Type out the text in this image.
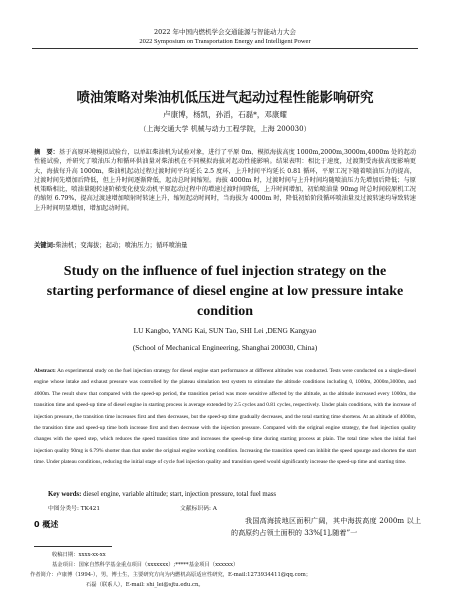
2022 年中国内燃机学会交通能源与智能动力大会
2022 Symposium on Transportation Energy and Intelligent Power
喷油策略对柴油机低压进气起动过程性能影响研究
卢康博，杨凯，孙滔，石磊*，邓康耀
（上海交通大学 机械与动力工程学院，上海 200030）
摘　要：基于高原环境模拟试验台，以单缸柴油机为试验对象，进行了平原 0m、模拟海拔高度 1000m,2000m,3000m,4000m 处的起动性能试验，并研究了喷油压力和循环供油量对柴油机在不同模拟海拔对起动性能影响。结果表明：相比于速度，过渡期受海拔高度影响更大，海拔每升高 1000m，柴油机起动过程过渡时间平均延长 2.5 度环，上升时间平均延长 0.81 循环，平原工况下随着喷油压力的提高，过渡时间先增加后降低，但上升时间逐渐降低，起动总时间缩短。海拔 4000m 时，过渡时间与上升时间均随喷油压力先增加后降低；与原机策略相比，喷油量随转速阶梯变化使发动机平原起动过程中的增速过渡时间降低，上升时间增加，初始喷油量 90mg 时总时间较原机工况的缩短 6.79%，提高过渡速增加喷射时转速上升，缩短起动时间时，当海拔为 4000m 时，降低初始阶段循环喷油量及过渡转速均导致转速上升时间明显增加，增加起动时间。
关键词:柴油机；变海拔；起动；喷油压力；循环喷油量
Study on the influence of fuel injection strategy on the starting performance of diesel engine at low pressure intake condition
LU Kangbo, YANG Kai, SUN Tao, SHI Lei ,DENG Kangyao
(School of Mechanical Engineering, Shanghai 200030, China)
Abstract: An experimental study on the fuel injection strategy for diesel engine start performance at different altitudes was conducted. Tests were conducted on a single-diesel engine whose intake and exhaust pressure was controlled by the plateau simulation test system to stimulate the altitude conditions including 0, 1000m, 2000m,3000m, and 4000m. The result show that compared with the speed-up period, the transition period was more sensitive affected by the altitude, as the altitude increased every 1000m, the transition time and speed-up time of diesel engine in starting process is average extended by 2.5 cycles and 0.81 cycles, respectively. Under plain conditions, with the increase of injection pressure, the transition time increases first and then decreases, but the speed-up time gradually decreases, and the total starting time shortens. At an altitude of 4000m, the transition time and speed-up time both increase first and then decrease with the injection pressure. Compared with the original engine strategy, the fuel injection quality changes with the speed step, which reduces the speed transition time and increases the speed-up time during starting process at plain. The total time when the initial fuel injection quality 90mg is 6.79% shorter than that under the original engine working condition. Increasing the transition speed can inhibit the speed upsurge and shorten the start time. Under plateau conditions, reducing the initial stage of cycle fuel injection quality and transition speed would significantly increase the speed-up time and starting time.
Key words: diesel engine, variable altitude; start, injection pressure, total fuel mass
中图分类号: TK421	文献标识码: A
0 概述	我国高海拔地区面积广阔，其中海拔高度 2000m 以上的高原约占领土面积的 33%[1],随着”一
收稿日期：xxxx-xx-xx
基金项目：国家自然科学基金重点项目（xxxxxxx）;*****基金项目（xxxxxx）
作者简介：卢康博（1994-），男，博士生，主要研究方向为内燃机高原适应性研究，E-mail:1273934411@qq.com；
石磊（联系人），E-mail: shi_lei@sjtu.edu.cn。
